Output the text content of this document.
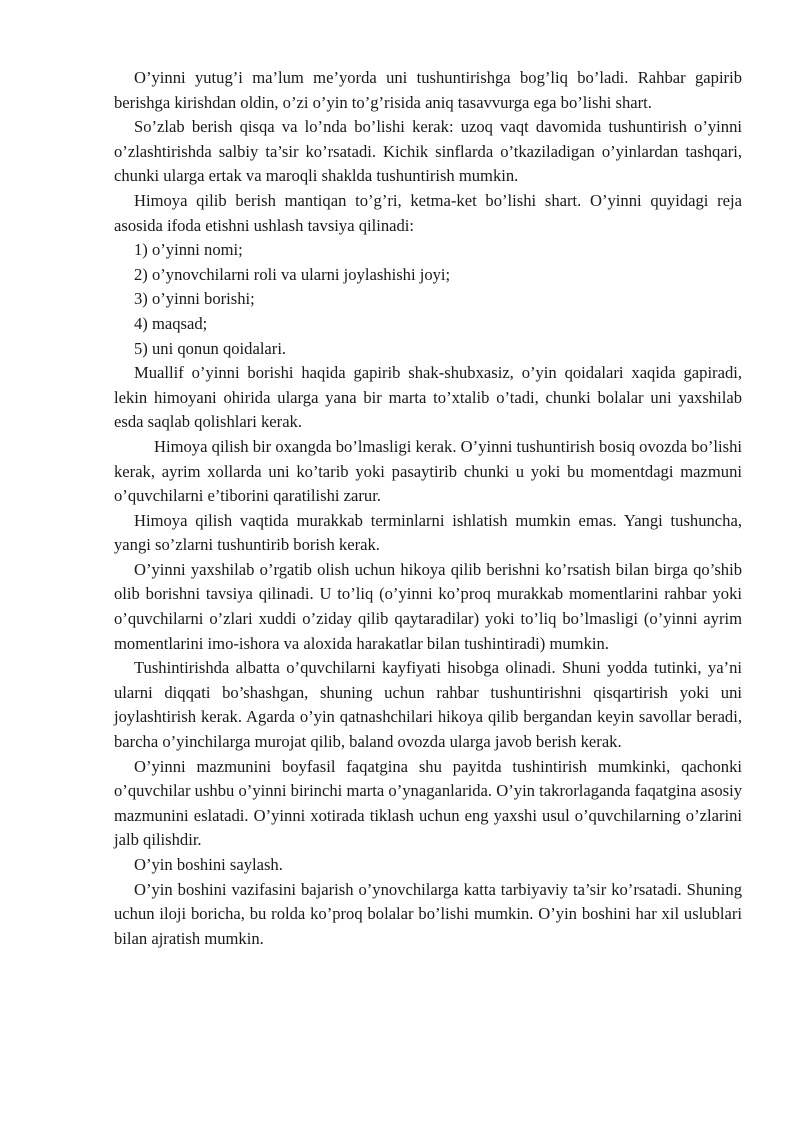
O’yinni yutug’i ma’lum me’yorda uni tushuntirishga bog’liq bo’ladi. Rahbar gapirib berishga kirishdan oldin, o’zi o’yin to’g’risida aniq tasavvurga ega bo’lishi shart.

So’zlab berish qisqa va lo’nda bo’lishi kerak: uzoq vaqt davomida tushuntirish o’yinni o’zlashtirishda salbiy ta’sir ko’rsatadi. Kichik sinflarda o’tkaziladigan o’yinlardan tashqari, chunki ularga ertak va maroqli shaklda tushuntirish mumkin.

Himoya qilib berish mantiqan to’g’ri, ketma-ket bo’lishi shart. O’yinni quyidagi reja asosida ifoda etishni ushlash tavsiya qilinadi:

1) o’yinni nomi;

2) o’ynovchilarni roli va ularni joylashishi joyi;

3) o’yinni borishi;

4) maqsad;

5) uni qonun qoidalari.

Muallif o’yinni borishi haqida gapirib shak-shubxasiz, o’yin qoidalari xaqida gapiradi, lekin himoyani ohirida ularga yana bir marta to’xtalib o’tadi, chunki bolalar uni yaxshilab esda saqlab qolishlari kerak.

Himoya qilish bir oxangda bo’lmasligi kerak. O’yinni tushuntirish bosiq ovozda bo’lishi kerak, ayrim xollarda uni ko’tarib yoki pasaytirib chunki u yoki bu momentdagi mazmuni o’quvchilarni e’tiborini qaratilishi zarur.

Himoya qilish vaqtida murakkab terminlarni ishlatish mumkin emas. Yangi tushuncha, yangi so’zlarni tushuntirib borish kerak.

O’yinni yaxshilab o’rgatib olish uchun hikoya qilib berishni ko’rsatish bilan birga qo’shib olib borishni tavsiya qilinadi. U to’liq (o’yinni ko’proq murakkab momentlarini rahbar yoki o’quvchilarni o’zlari xuddi o’ziday qilib qaytaradilar) yoki to’liq bo’lmasligi (o’yinni ayrim momentlarini imo-ishora va aloxida harakatlar bilan tushintiradi) mumkin.

Tushintirishda albatta o’quvchilarni kayfiyati hisobga olinadi. Shuni yodda tutinki, ya’ni ularni diqqati bo’shashgan, shuning uchun rahbar tushuntirishni qisqartirish yoki uni joylashtirish kerak. Agarda o’yin qatnashchilari hikoya qilib bergandan keyin savollar beradi, barcha o’yinchilarga murojat qilib, baland ovozda ularga javob berish kerak.

O’yinni mazmunini boyfasil faqatgina shu payitda tushintirish mumkinki, qachonki o’quvchilar ushbu o’yinni birinchi marta o’ynaganlarida. O’yin takrorlaganda faqatgina asosiy mazmunini eslatadi. O’yinni xotirada tiklash uchun eng yaxshi usul o’quvchilarning o’zlarini jalb qilishdir.

O’yin boshini saylash.

O’yin boshini vazifasini bajarish o’ynovchilarga katta tarbiyaviy ta’sir ko’rsatadi. Shuning uchun iloji boricha, bu rolda ko’proq bolalar bo’lishi mumkin. O’yin boshini har xil uslublari bilan ajratish mumkin.
